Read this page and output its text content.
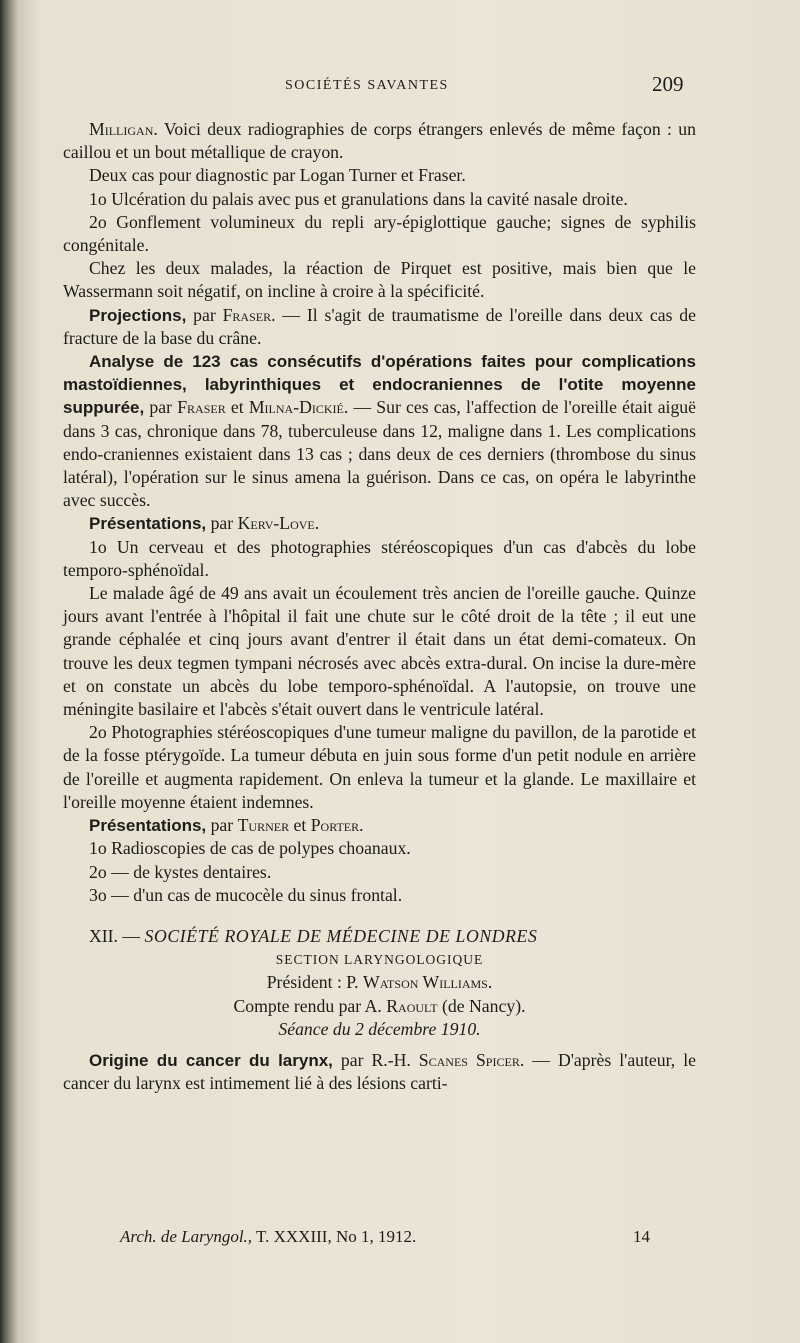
SOCIÉTÉS SAVANTES	209

Milligan. Voici deux radiographies de corps étrangers enlevés de même façon : un caillou et un bout métallique de crayon.

Deux cas pour diagnostic par Logan Turner et Fraser.

1o Ulcération du palais avec pus et granulations dans la cavité nasale droite.

2o Gonflement volumineux du repli ary-épiglottique gauche; signes de syphilis congénitale.

Chez les deux malades, la réaction de Pirquet est positive, mais bien que le Wassermann soit négatif, on incline à croire à la spécificité.

Projections, par Fraser. — Il s'agit de traumatisme de l'oreille dans deux cas de fracture de la base du crâne.

Analyse de 123 cas consécutifs d'opérations faites pour complications mastoïdiennes, labyrinthiques et endocraniennes de l'otite moyenne suppurée, par Fraser et Milna-Dickié. — Sur ces cas, l'affection de l'oreille était aiguë dans 3 cas, chronique dans 78, tuberculeuse dans 12, maligne dans 1. Les complications endo-craniennes existaient dans 13 cas ; dans deux de ces derniers (thrombose du sinus latéral), l'opération sur le sinus amena la guérison. Dans ce cas, on opéra le labyrinthe avec succès.

Présentations, par Kerv-Love.

1o Un cerveau et des photographies stéréoscopiques d'un cas d'abcès du lobe temporo-sphénoïdal.

Le malade âgé de 49 ans avait un écoulement très ancien de l'oreille gauche. Quinze jours avant l'entrée à l'hôpital il fait une chute sur le côté droit de la tête ; il eut une grande céphalée et cinq jours avant d'entrer il était dans un état demi-comateux. On trouve les deux tegmen tympani nécrosés avec abcès extra-dural. On incise la dure-mère et on constate un abcès du lobe temporo-sphénoïdal. A l'autopsie, on trouve une méningite basilaire et l'abcès s'était ouvert dans le ventricule latéral.

2o Photographies stéréoscopiques d'une tumeur maligne du pavillon, de la parotide et de la fosse ptérygoïde. La tumeur débuta en juin sous forme d'un petit nodule en arrière de l'oreille et augmenta rapidement. On enleva la tumeur et la glande. Le maxillaire et l'oreille moyenne étaient indemnes.

Présentations, par Turner et Porter.

1o Radioscopies de cas de polypes choanaux.

2o — de kystes dentaires.

3o — d'un cas de mucocèle du sinus frontal.

XII. — SOCIÉTÉ ROYALE DE MÉDECINE DE LONDRES

SECTION LARYNGOLOGIQUE

Président : P. Watson Williams.

Compte rendu par A. Raoult (de Nancy).

Séance du 2 décembre 1910.

Origine du cancer du larynx, par R.-H. Scanes Spicer. — D'après l'auteur, le cancer du larynx est intimement lié à des lésions carti-

Arch. de Laryngol., T. XXXIII, No 1, 1912.	14
